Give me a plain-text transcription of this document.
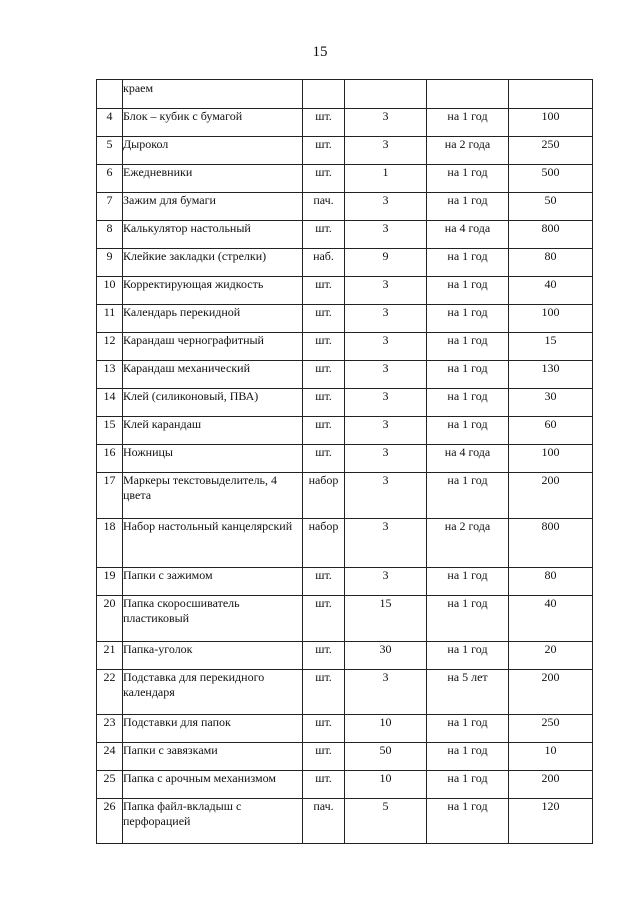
15
	краем				
4	Блок – кубик с бумагой	шт.	3	на 1 год	100
5	Дырокол	шт.	3	на 2 года	250
6	Ежедневники	шт.	1	на 1 год	500
7	Зажим для бумаги	пач.	3	на 1 год	50
8	Калькулятор настольный	шт.	3	на 4 года	800
9	Клейкие закладки (стрелки)	наб.	9	на 1 год	80
10	Корректирующая жидкость	шт.	3	на 1 год	40
11	Календарь перекидной	шт.	3	на 1 год	100
12	Карандаш чернографитный	шт.	3	на 1 год	15
13	Карандаш механический	шт.	3	на 1 год	130
14	Клей (силиконовый, ПВА)	шт.	3	на 1 год	30
15	Клей карандаш	шт.	3	на 1 год	60
16	Ножницы	шт.	3	на 4 года	100
17	Маркеры текстовыделитель, 4 цвета	набор	3	на 1 год	200
18	Набор настольный канцелярский	набор	3	на 2 года	800
19	Папки с зажимом	шт.	3	на 1 год	80
20	Папка скоросшиватель пластиковый	шт.	15	на 1 год	40
21	Папка-уголок	шт.	30	на 1 год	20
22	Подставка для перекидного календаря	шт.	3	на 5 лет	200
23	Подставки для папок	шт.	10	на 1 год	250
24	Папки с завязками	шт.	50	на 1 год	10
25	Папка с арочным механизмом	шт.	10	на 1 год	200
26	Папка файл-вкладыш с перфорацией	пач.	5	на 1 год	120
